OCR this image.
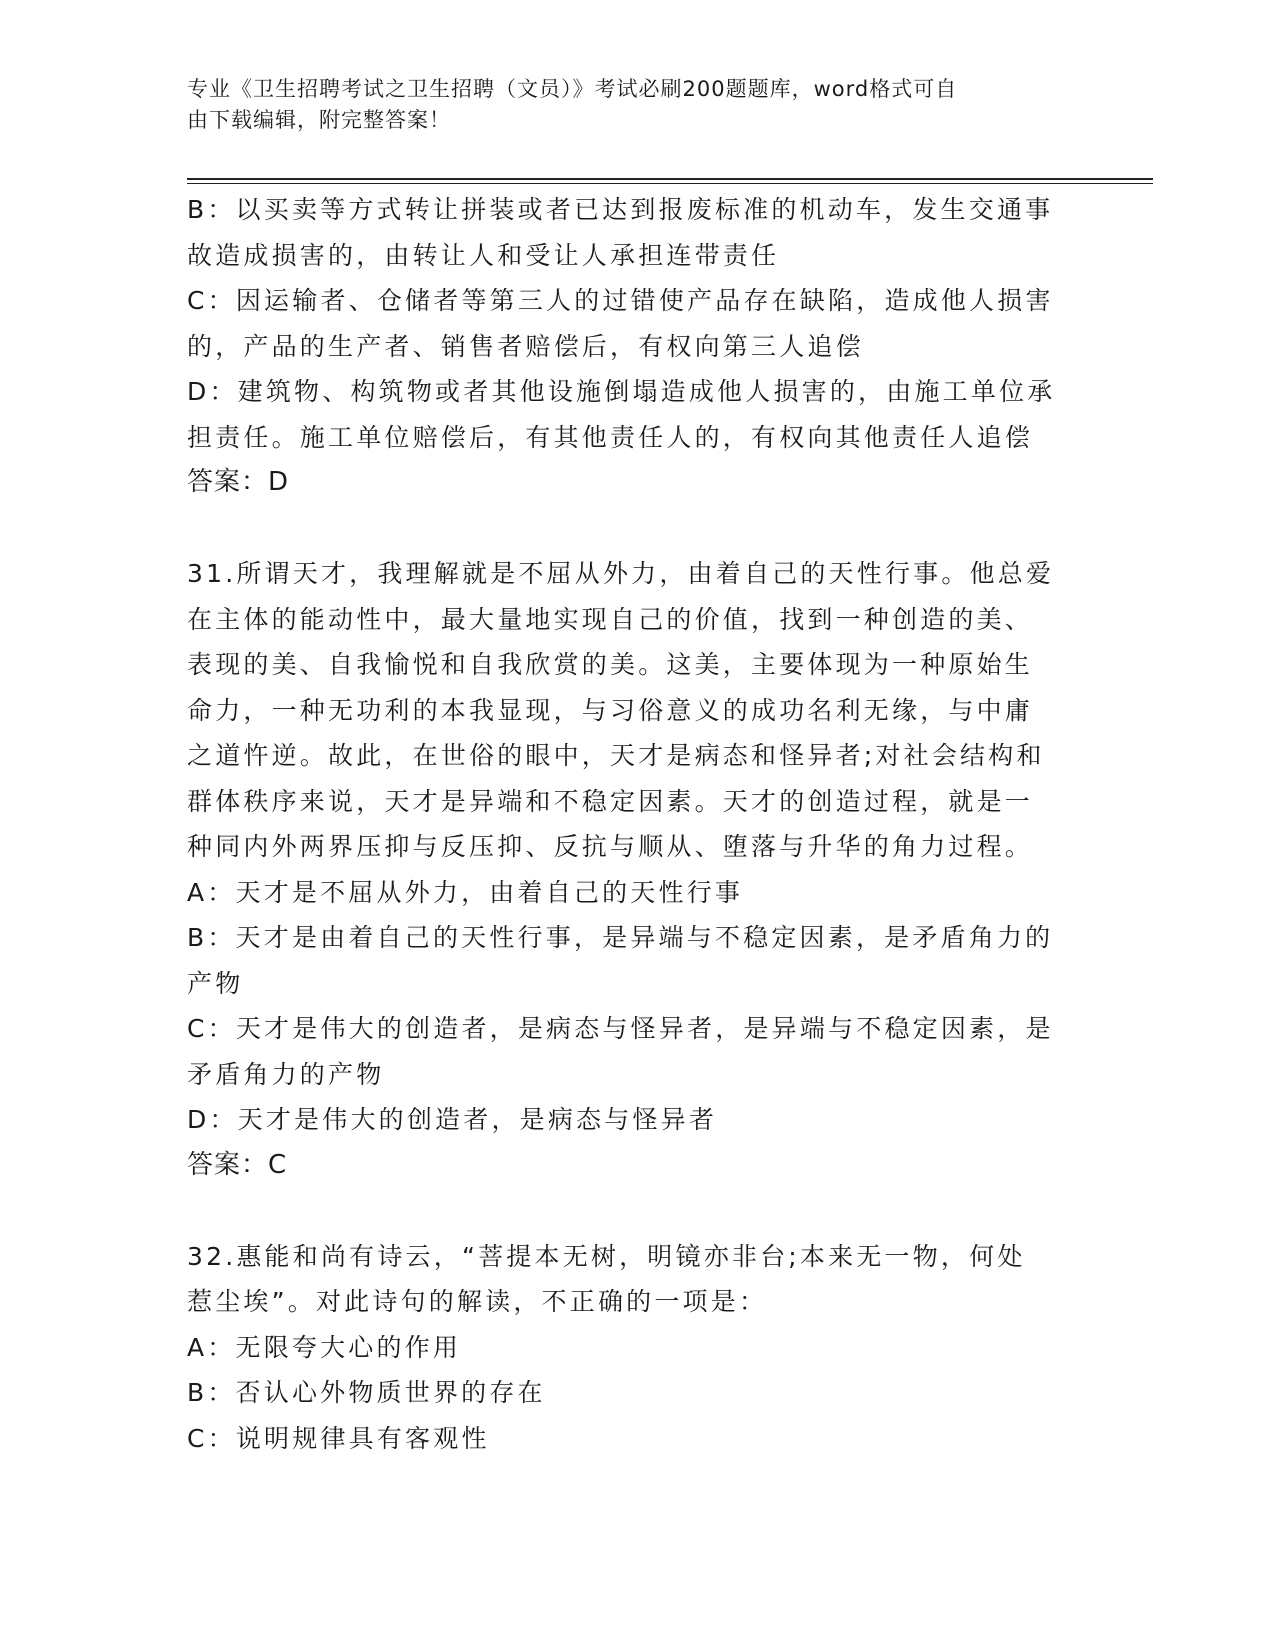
专业《卫生招聘考试之卫生招聘（文员）》考试必刷200题题库，word格式可自
由下载编辑，附完整答案！
B：以买卖等方式转让拼装或者已达到报废标准的机动车，发生交通事
故造成损害的，由转让人和受让人承担连带责任
C：因运输者、仓储者等第三人的过错使产品存在缺陷，造成他人损害
的，产品的生产者、销售者赔偿后，有权向第三人追偿
D：建筑物、构筑物或者其他设施倒塌造成他人损害的，由施工单位承
担责任。施工单位赔偿后，有其他责任人的，有权向其他责任人追偿
答案：D
31.所谓天才，我理解就是不屈从外力，由着自己的天性行事。他总爱
在主体的能动性中，最大量地实现自己的价值，找到一种创造的美、
表现的美、自我愉悦和自我欣赏的美。这美，主要体现为一种原始生
命力，一种无功利的本我显现，与习俗意义的成功名利无缘，与中庸
之道忤逆。故此，在世俗的眼中，天才是病态和怪异者;对社会结构和
群体秩序来说，天才是异端和不稳定因素。天才的创造过程，就是一
种同内外两界压抑与反压抑、反抗与顺从、堕落与升华的角力过程。
A：天才是不屈从外力，由着自己的天性行事
B：天才是由着自己的天性行事，是异端与不稳定因素，是矛盾角力的
产物
C：天才是伟大的创造者，是病态与怪异者，是异端与不稳定因素，是
矛盾角力的产物
D：天才是伟大的创造者，是病态与怪异者
答案：C
32.惠能和尚有诗云，“菩提本无树，明镜亦非台;本来无一物，何处
惹尘埃”。对此诗句的解读，不正确的一项是：
A：无限夸大心的作用
B：否认心外物质世界的存在
C：说明规律具有客观性
